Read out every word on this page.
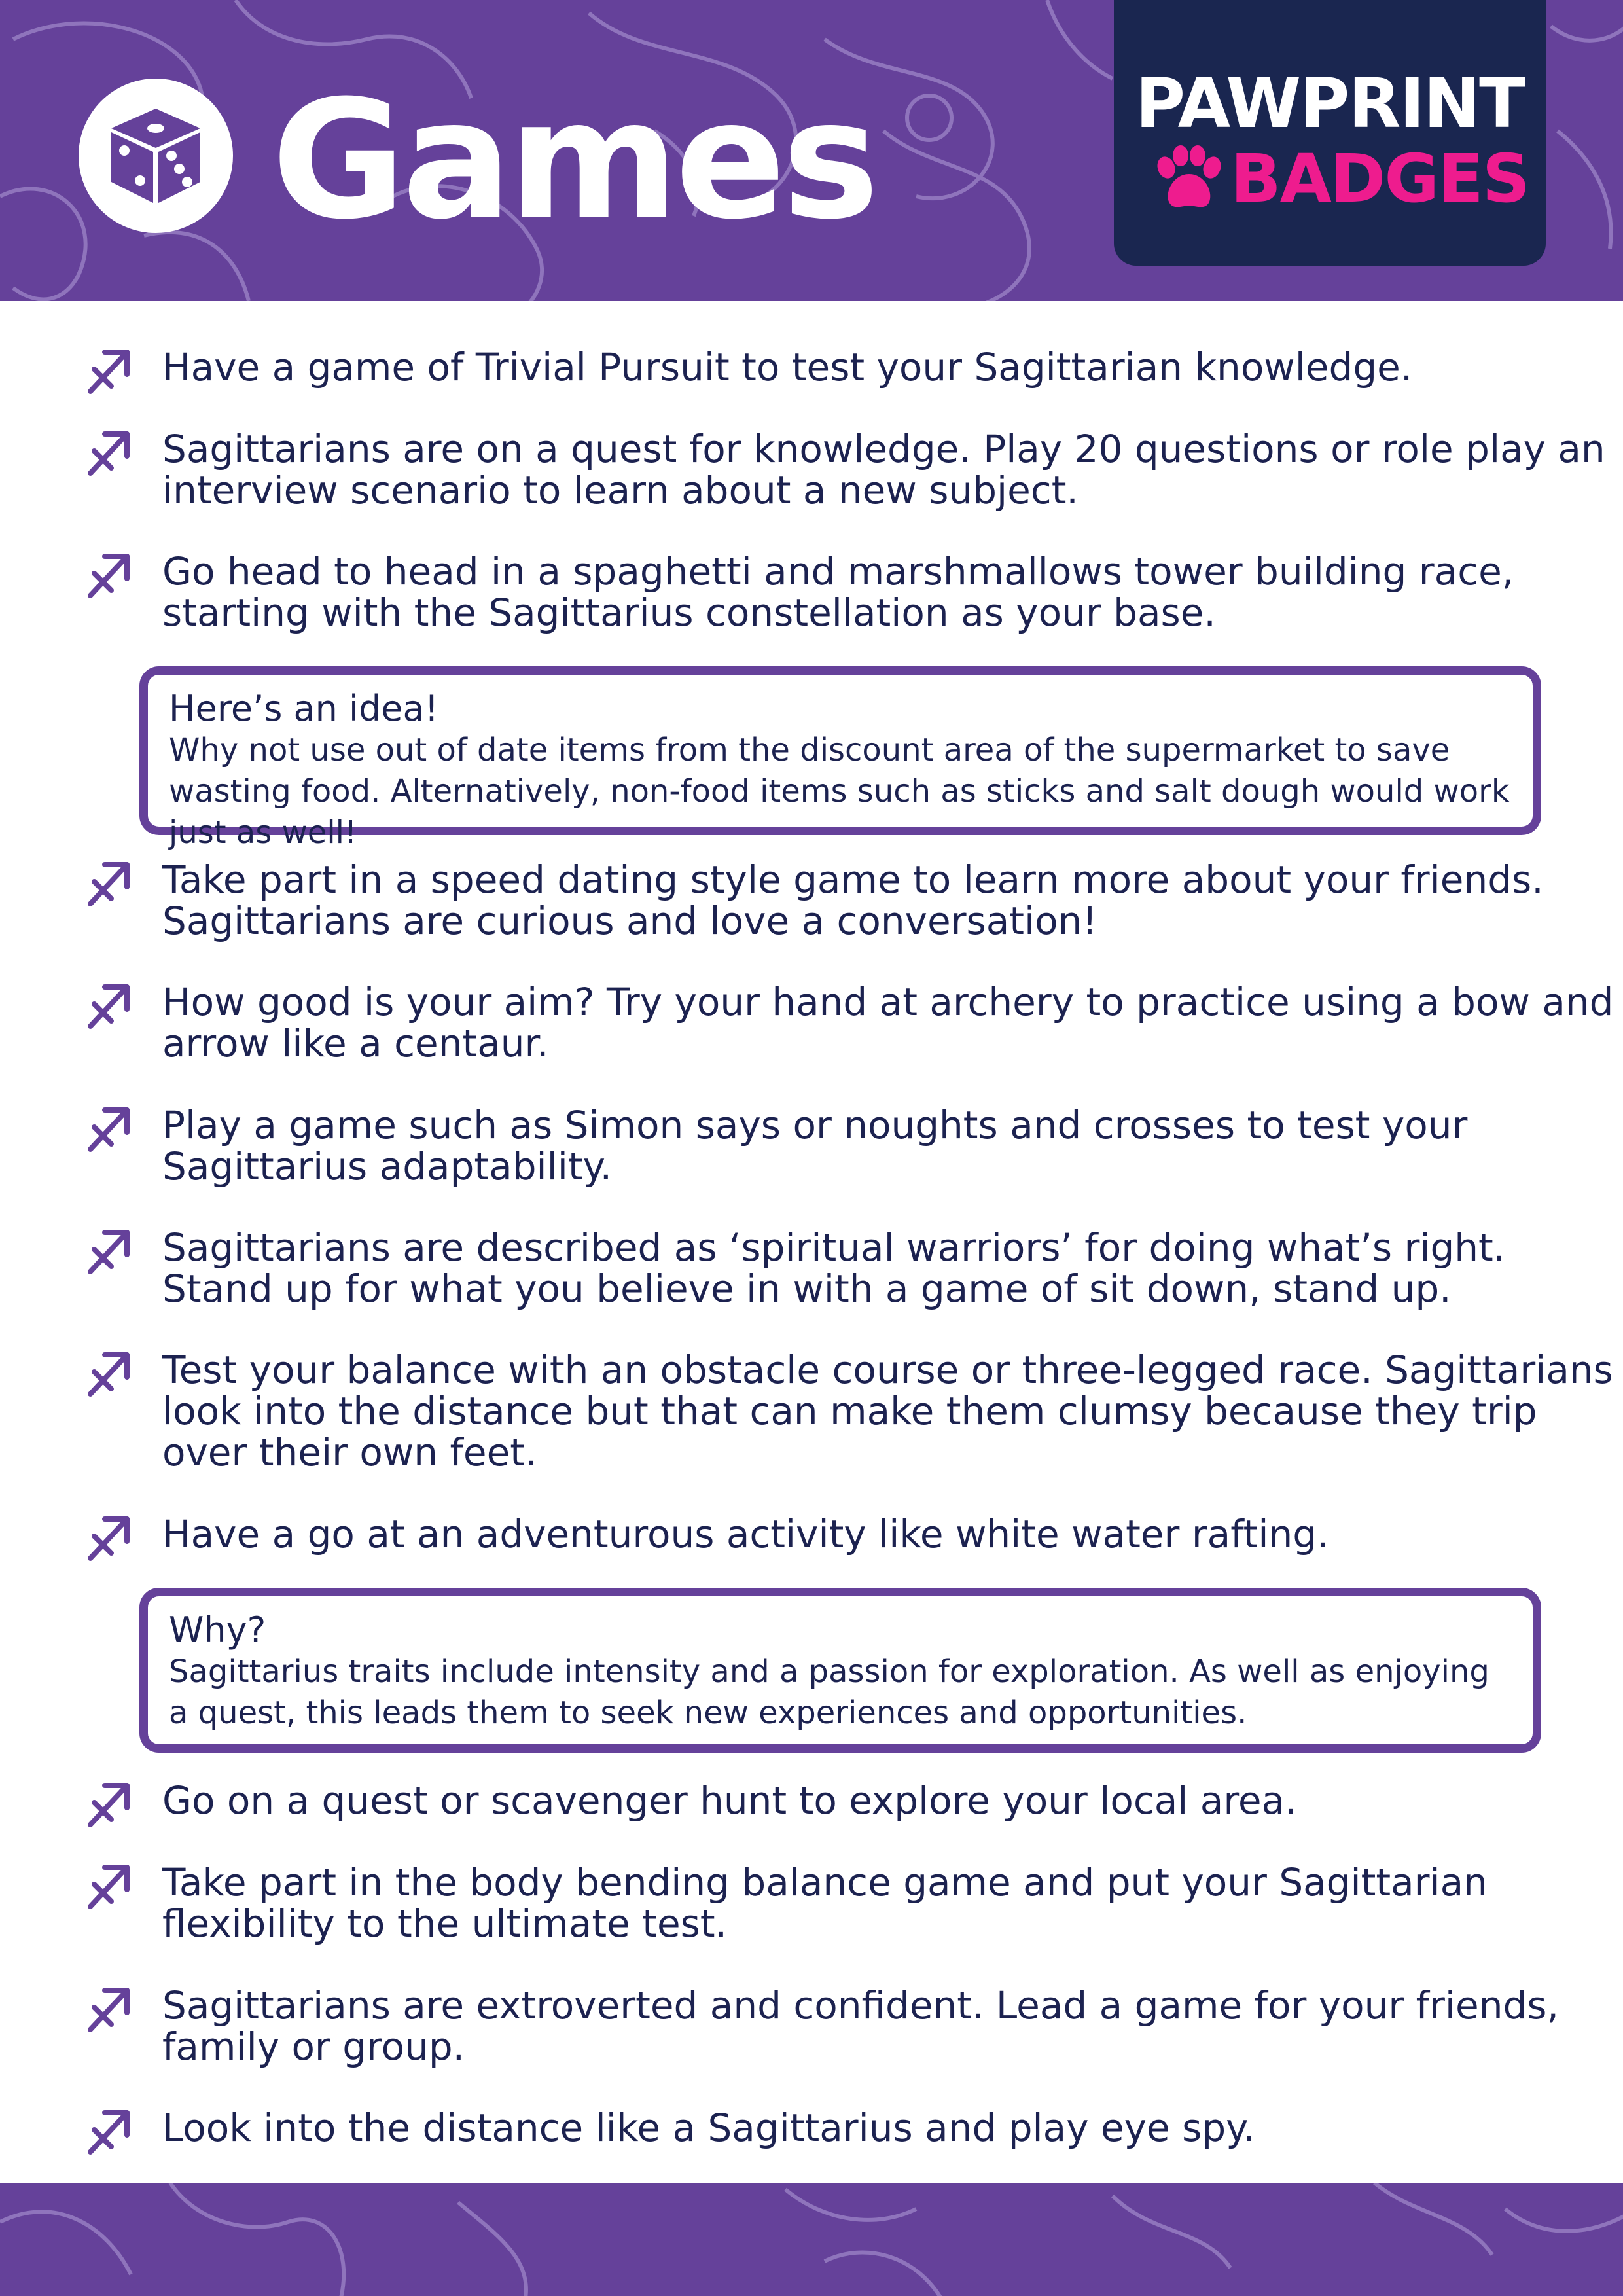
Games	PAWPRINT
BADGES
Have a game of Trivial Pursuit to test your Sagittarian knowledge.
Sagittarians are on a quest for knowledge. Play 20 questions or role play an interview scenario to learn about a new subject.
Go head to head in a spaghetti and marshmallows tower building race, starting with the Sagittarius constellation as your base.
Here’s an idea!
Why not use out of date items from the discount area of the supermarket to save wasting food. Alternatively, non-food items such as sticks and salt dough would work just as well!
Take part in a speed dating style game to learn more about your friends. Sagittarians are curious and love a conversation!
How good is your aim? Try your hand at archery to practice using a bow and arrow like a centaur.
Play a game such as Simon says or noughts and crosses to test your Sagittarius adaptability.
Sagittarians are described as ‘spiritual warriors’ for doing what’s right. Stand up for what you believe in with a game of sit down, stand up.
Test your balance with an obstacle course or three-legged race. Sagittarians look into the distance but that can make them clumsy because they trip over their own feet.
Have a go at an adventurous activity like white water rafting.
Why?
Sagittarius traits include intensity and a passion for exploration. As well as enjoying a quest, this leads them to seek new experiences and opportunities.
Go on a quest or scavenger hunt to explore your local area.
Take part in the body bending balance game and put your Sagittarian flexibility to the ultimate test.
Sagittarians are extroverted and confident. Lead a game for your friends, family or group.
Look into the distance like a Sagittarius and play eye spy.
